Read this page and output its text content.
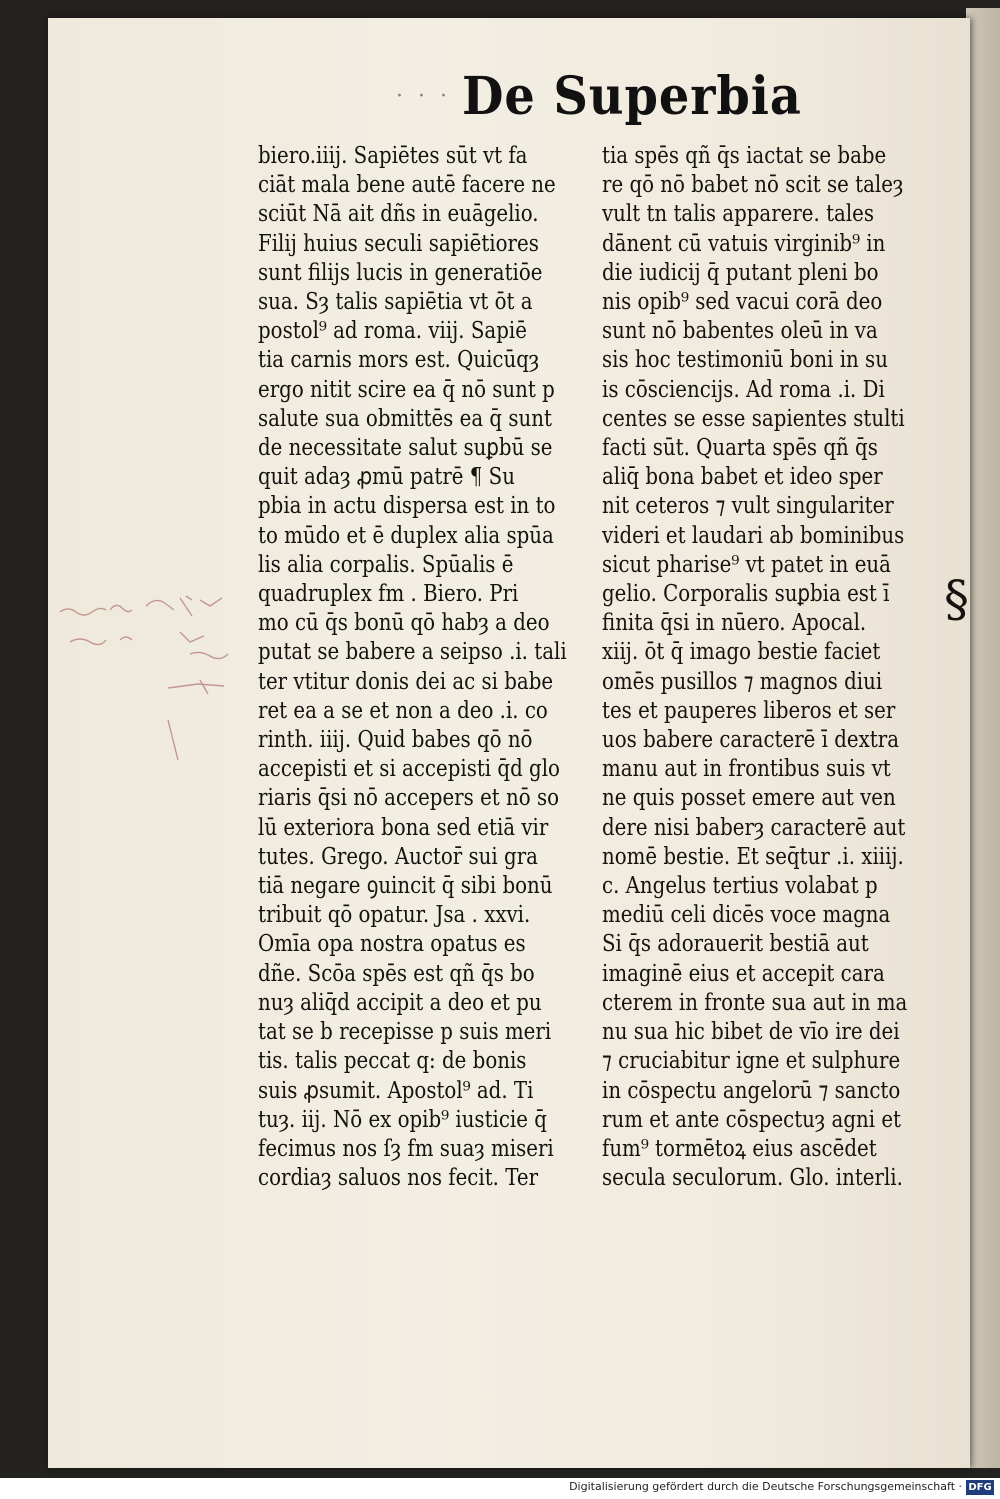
· · · De Superbia
biero.iiij. Sapiētes sūt vt fa
ciāt mala bene autē facere ne
sciūt Nā ait dñs in euāgelio.
Filij huius seculi sapiētiores
sunt filijs lucis in generatiōe
sua. Sȝ talis sapiētia vt ōt a
postol⁹ ad roma. viij. Sapiē
tia carnis mors est. Quicūqȝ
ergo nitit̄ scire ea q̄ nō sunt p
salute sua obmittēs ea q̄ sunt
de necessitate salut̄ suꝑbū se
quit̄ adaȝ ꝓmū patrē ¶ Su
pbia in actu dispersa est in to
to mūdo et ē duplex alia spūa
lis alia corpalis. Spūalis ē
quadruplex fm . Biero. Pri
mo cū q̄s bonū qō habȝ a deo
putat se babere a seipso .i. tali
ter vtitur donis dei ac si babe
ret ea a se et non a deo .i. co
rinth. iiij. Quid babes qō nō
accepisti et si accepisti q̄d glo
riaris q̄si nō accepers et nō so
lū exteriora bona sed etiā vir
tutes. Grego. Auctor̄ sui gra
tiā negare ꝯuincit̄ q̄ sibi bonū
tribuit qō opatur. Jsa . xxvi.
Omīa opa nostra opatus es
dñe. Scōa spēs est qñ q̄s bo
nuȝ aliq̄d accipit a deo et pu
tat se b̄ recepisse p suis meri
tis. talis peccat q: de bonis
suis ꝓsumit. Apostol⁹ ad. Ti
tuȝ. iij. Nō ex opib⁹ iusticie q̄
fecimus nos ſȝ fm suaȝ miseri
cordiaȝ saluos nos fecit. Ter
tia spēs qñ q̄s iactat se babe
re qō nō babet nō scit se taleȝ
vult t̄n talis apparere. tales
dānent̄ cū vatuis virginib⁹ in
die iudicij q̄ putant̄ pleni bo
nis opib⁹ sed vacui corā deo
sunt nō babentes oleū in va
sis hoc testimoniū boni in su
is cōsciencijs. Ad roma .i. Di
centes se esse sapientes stulti
facti sūt. Quarta spēs qñ q̄s
aliq̄ bona babet et ideo sper
nit ceteros ⁊ vult singulariter
videri et laudari ab bominibus
sicut pharise⁹ vt patet in euā
gelio. Corporalis suꝑbia est ī
finita q̄si in nūero. Apocal.
xiij. ōt q̄ imago bestie faciet
omēs pusillos ⁊ magnos diui
tes et pauperes liberos et ser
uos babere caracterē ī dextra
manu aut in frontibus suis vt
ne quis posset emere aut ven
dere nisi baberȝ caracterē aut
nomē bestie. Et seq̄tur .i. xiiij.
c. Angelus tertius volabat p
mediū celi dicēs voce magna
Si q̄s adorauerit bestiā aut
imaginē eius et accepit cara
cterem in fronte sua aut in ma
nu sua hic bibet de vīo ire dei
⁊ cruciabitur igne et sulphure
in cōspectu angelorū ⁊ sancto
rum et ante cōspectuȝ agni et
fum⁹ tormētoꝝ eius ascēdet
secula seculorum. Glo. interli.
§
Digitalisierung gefördert durch die Deutsche Forschungsgemeinschaft · DFG
